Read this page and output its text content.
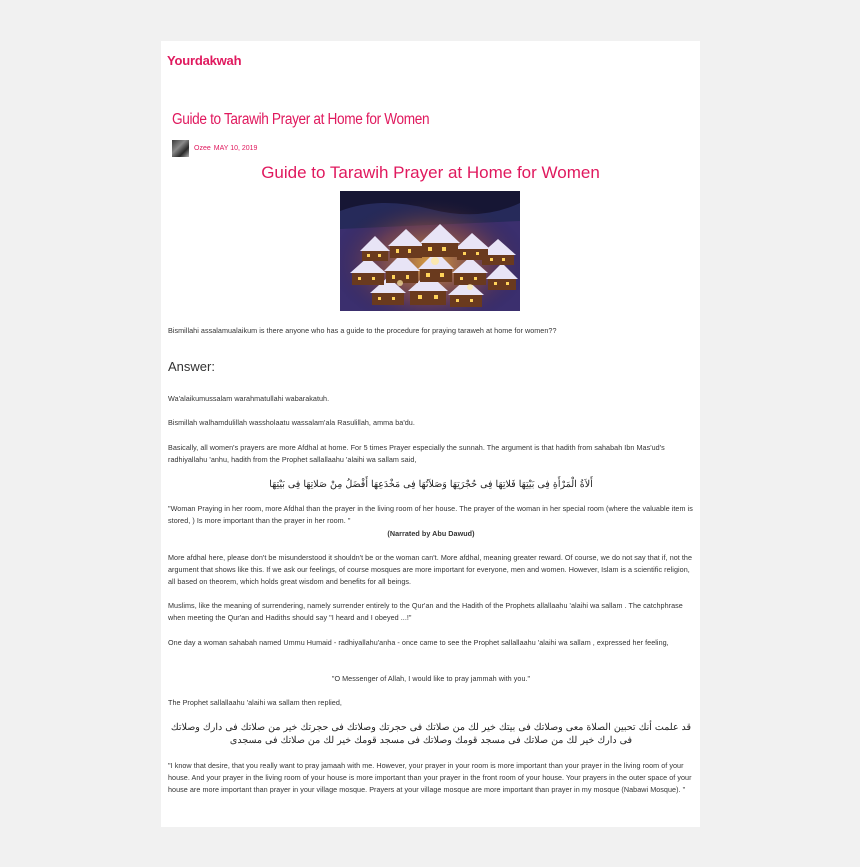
Yourdakwah
Guide to Tarawih Prayer at Home for Women
Ozee MAY 10, 2019
Guide to Tarawih Prayer at Home for Women
Bismillahi assalamualaikum is there anyone who has a guide to the procedure for praying taraweh at home for women??
Answer:
Wa'alaikumussalam warahmatullahi wabarakatuh.
Bismillah walhamdulillah wassholaatu wassalam'ala Rasulillah, amma ba'du.
Basically, all women's prayers are more Afdhal at home. For 5 times Prayer especially the sunnah. The argument is that hadith from sahabah Ibn Mas'ud's radhiyallahu 'anhu, hadith from the Prophet sallallaahu 'alaihi wa sallam said,
أَلاَةُ الْمَرْأَةِ فِى بَيْتِهَا فَلاتِهَا فِى حُجْرَتِهَا وَصَلاَتُهَا فِى مَخْدَعِهَا أَفْضَلُ مِنْ صَلاتِهَا فِى بَيْتِهَا
"Woman Praying in her room, more Afdhal than the prayer in the living room of her house. The prayer of the woman in her special room (where the valuable item is stored, ) Is more important than the prayer in her room. "
(Narrated by Abu Dawud)
More afdhal here, please don't be misunderstood it shouldn't be or the woman can't. More afdhal, meaning greater reward. Of course, we do not say that if, not the argument that shows like this. If we ask our feelings, of course mosques are more important for everyone, men and women. However, Islam is a scientific religion, all based on theorem, which holds great wisdom and benefits for all beings.
Muslims, like the meaning of surrendering, namely surrender entirely to the Qur'an and the Hadith of the Prophets allallaahu 'alaihi wa sallam . The catchphrase when meeting the Qur'an and Hadiths should say "I heard and I obeyed ...!"
One day a woman sahabah named Ummu Humaid - radhiyallahu'anha - once came to see the Prophet sallallaahu 'alaihi wa sallam , expressed her feeling,
"O Messenger of Allah, I would like to pray jammah with you."
The Prophet sallallaahu 'alaihi wa sallam then replied,
قد علمت أنك تحبين الصلاة معى وصلاتك فى بيتك خير لك من صلاتك فى حجرتك وصلاتك فى حجرتك خير من صلاتك فى دارك وصلاتك فى دارك خير لك من صلاتك فى مسجد قومك وصلاتك فى مسجد قومك خير لك من صلاتك فى مسجدى
"I know that desire, that you really want to pray jamaah with me. However, your prayer in your room is more important than your prayer in the living room of your house. And your prayer in the living room of your house is more important than your prayer in the front room of your house. Your prayers in the outer space of your house are more important than prayer in your village mosque. Prayers at your village mosque are more important than prayer in my mosque (Nabawi Mosque). "
